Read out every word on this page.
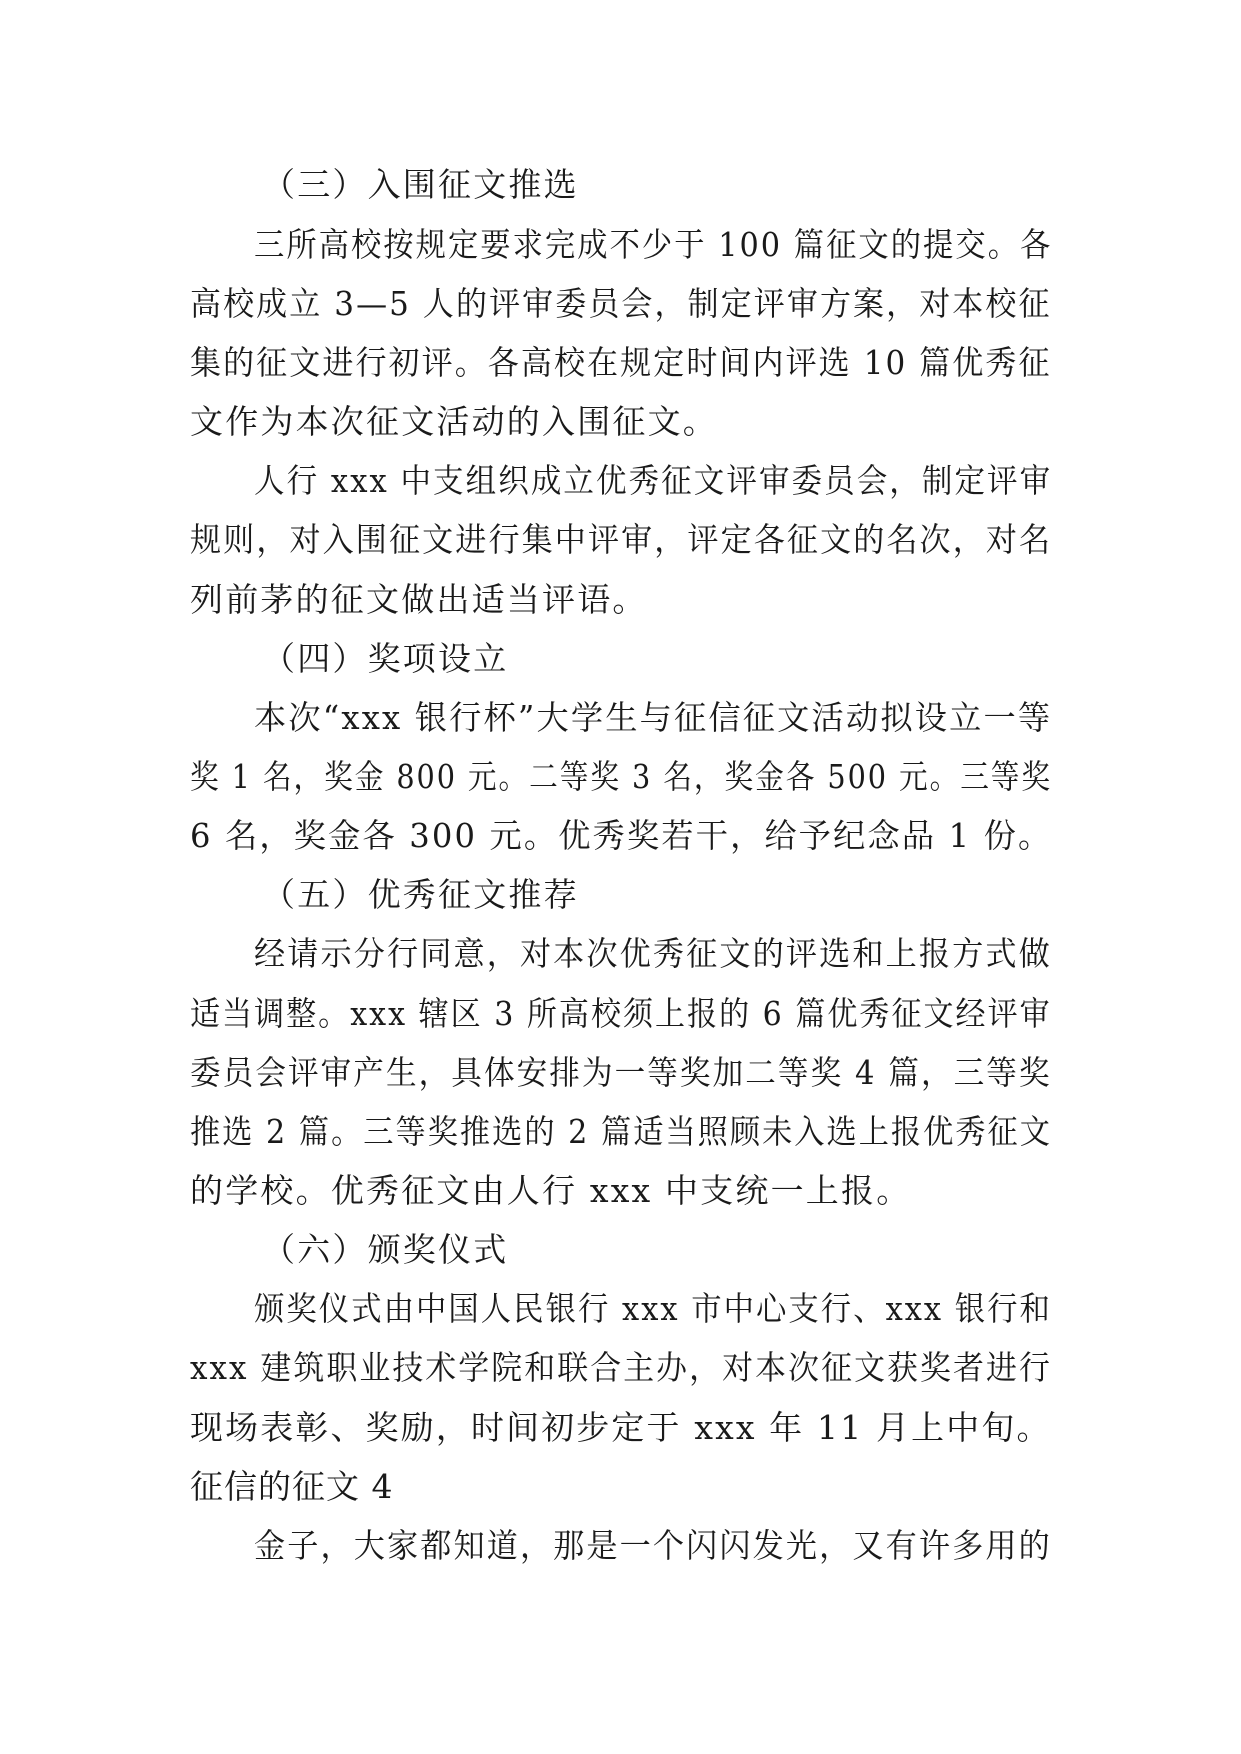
（三）入围征文推选
三所高校按规定要求完成不少于 100 篇征文的提交。各
高校成立 3—5 人的评审委员会，制定评审方案，对本校征
集的征文进行初评。各高校在规定时间内评选 10 篇优秀征
文作为本次征文活动的入围征文。
人行 xxx 中支组织成立优秀征文评审委员会，制定评审
规则，对入围征文进行集中评审，评定各征文的名次，对名
列前茅的征文做出适当评语。
（四）奖项设立
本次“xxx 银行杯”大学生与征信征文活动拟设立一等
奖 1 名，奖金 800 元。二等奖 3 名，奖金各 500 元。三等奖
6 名，奖金各 300 元。优秀奖若干，给予纪念品 1 份。
（五）优秀征文推荐
经请示分行同意，对本次优秀征文的评选和上报方式做
适当调整。xxx 辖区 3 所高校须上报的 6 篇优秀征文经评审
委员会评审产生，具体安排为一等奖加二等奖 4 篇，三等奖
推选 2 篇。三等奖推选的 2 篇适当照顾未入选上报优秀征文
的学校。优秀征文由人行 xxx 中支统一上报。
（六）颁奖仪式
颁奖仪式由中国人民银行 xxx 市中心支行、xxx 银行和
xxx 建筑职业技术学院和联合主办，对本次征文获奖者进行
现场表彰、奖励，时间初步定于 xxx 年 11 月上中旬。
征信的征文 4
金子，大家都知道，那是一个闪闪发光，又有许多用的
